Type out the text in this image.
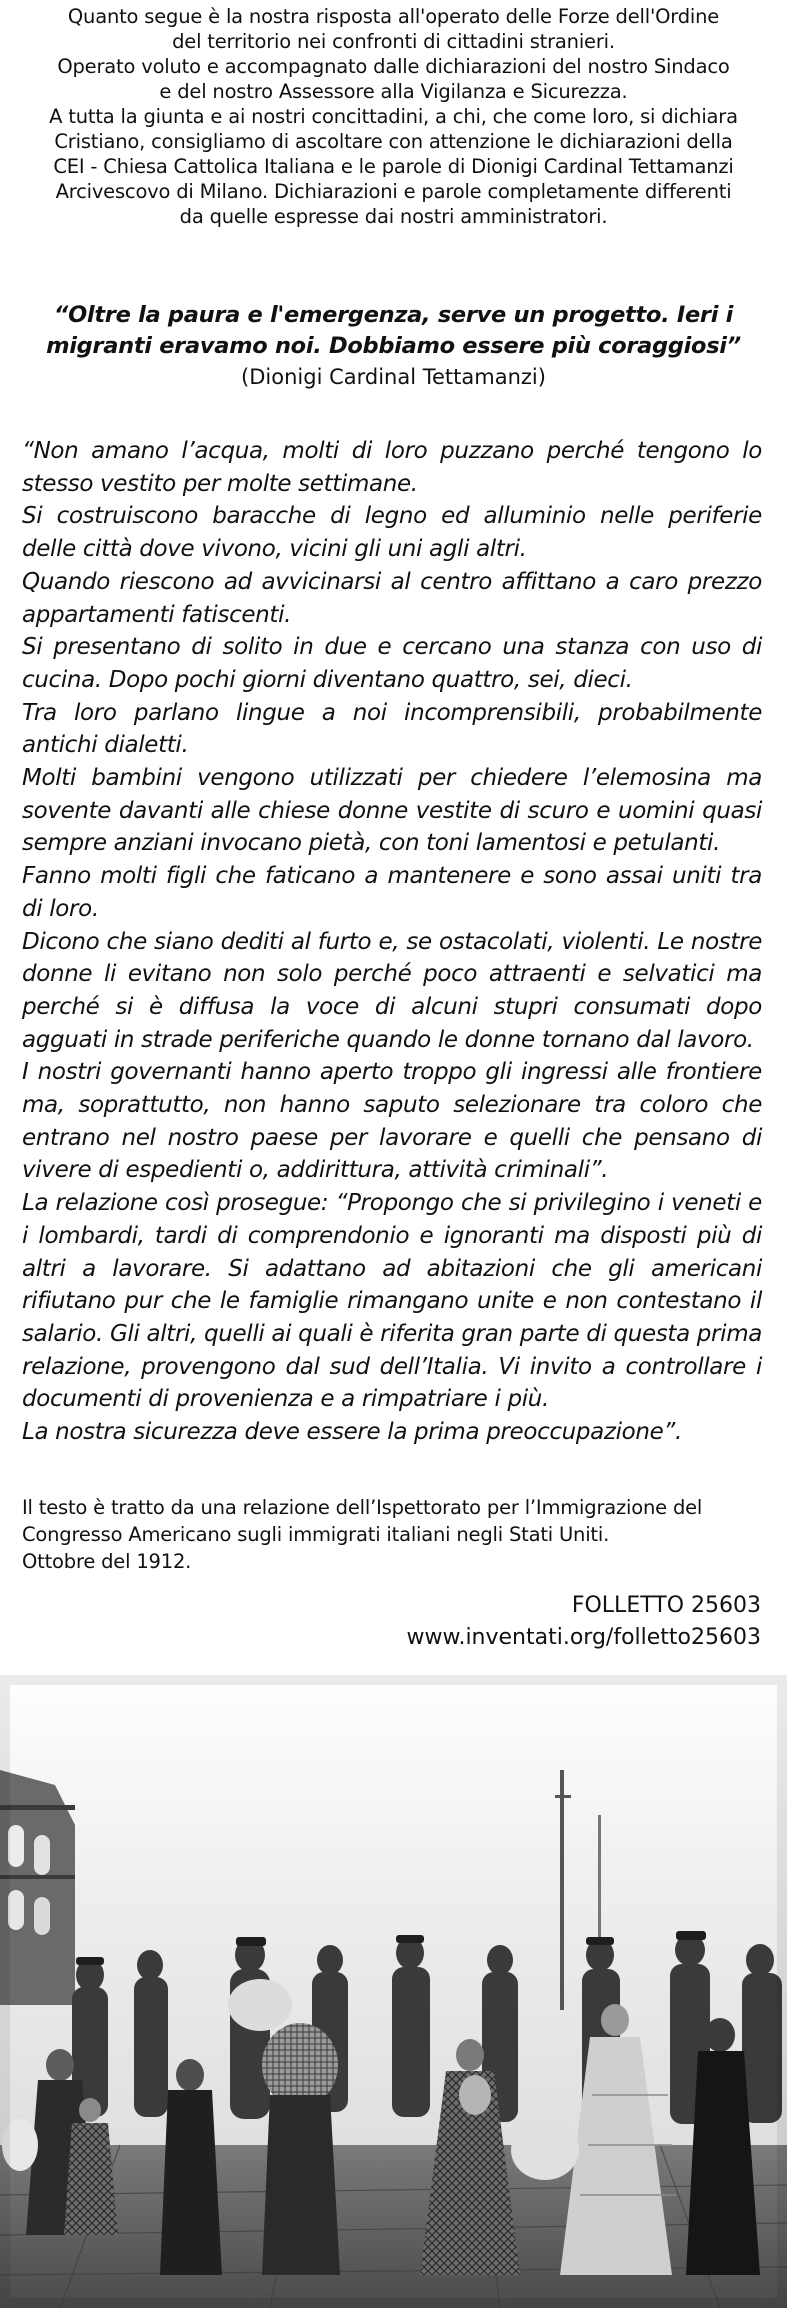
Quanto segue è la nostra risposta all'operato delle Forze dell'Ordine

del territorio nei confronti di cittadini stranieri.

Operato voluto e accompagnato dalle dichiarazioni del nostro Sindaco

e del nostro Assessore alla Vigilanza e Sicurezza.

A tutta la giunta e ai nostri concittadini, a chi, che come loro, si dichiara

Cristiano, consigliamo di ascoltare con attenzione le dichiarazioni della

CEI - Chiesa Cattolica Italiana e le parole di Dionigi Cardinal Tettamanzi

Arcivescovo di Milano. Dichiarazioni e parole completamente differenti

da quelle espresse dai nostri amministratori.

“Oltre la paura e l'emergenza, serve un progetto. Ieri i migranti eravamo noi. Dobbiamo essere più coraggiosi”

(Dionigi Cardinal Tettamanzi)

“Non amano l’acqua, molti di loro puzzano perché tengono lo stesso vestito per molte settimane.

Si costruiscono baracche di legno ed alluminio nelle periferie delle città dove vivono, vicini gli uni agli altri.

Quando riescono ad avvicinarsi al centro affittano a caro prezzo appartamenti fatiscenti.

Si presentano di solito in due e cercano una stanza con uso di cucina. Dopo pochi giorni diventano quattro, sei, dieci.

Tra loro parlano lingue a noi incomprensibili, probabilmente antichi dialetti.

Molti bambini vengono utilizzati per chiedere l’elemosina ma sovente davanti alle chiese donne vestite di scuro e uomini quasi sempre anziani invocano pietà, con toni lamentosi e petulanti.

Fanno molti figli che faticano a mantenere e sono assai uniti tra di loro.

Dicono che siano dediti al furto e, se ostacolati, violenti. Le nostre donne li evitano non solo perché poco attraenti e selvatici ma perché si è diffusa la voce di alcuni stupri consumati dopo agguati in strade periferiche quando le donne tornano dal lavoro.

I nostri governanti hanno aperto troppo gli ingressi alle frontiere ma, soprattutto, non hanno saputo selezionare tra coloro che entrano nel nostro paese per lavorare e quelli che pensano di vivere di espedienti o, addirittura, attività criminali”.

La relazione così prosegue: “Propongo che si privilegino i veneti e i lombardi, tardi di comprendonio e ignoranti ma disposti più di altri a lavorare. Si adattano ad abitazioni che gli americani rifiutano pur che le famiglie rimangano unite e non contestano il salario. Gli altri, quelli ai quali è riferita gran parte di questa prima relazione, provengono dal sud dell’Italia. Vi invito a controllare i documenti di provenienza e a rimpatriare i più.

La nostra sicurezza deve essere la prima preoccupazione”.

Il testo è tratto da una relazione dell’Ispettorato per l’Immigrazione del

Congresso Americano sugli immigrati italiani negli Stati Uniti.

Ottobre del 1912.

FOLLETTO 25603

www.inventati.org/folletto25603
